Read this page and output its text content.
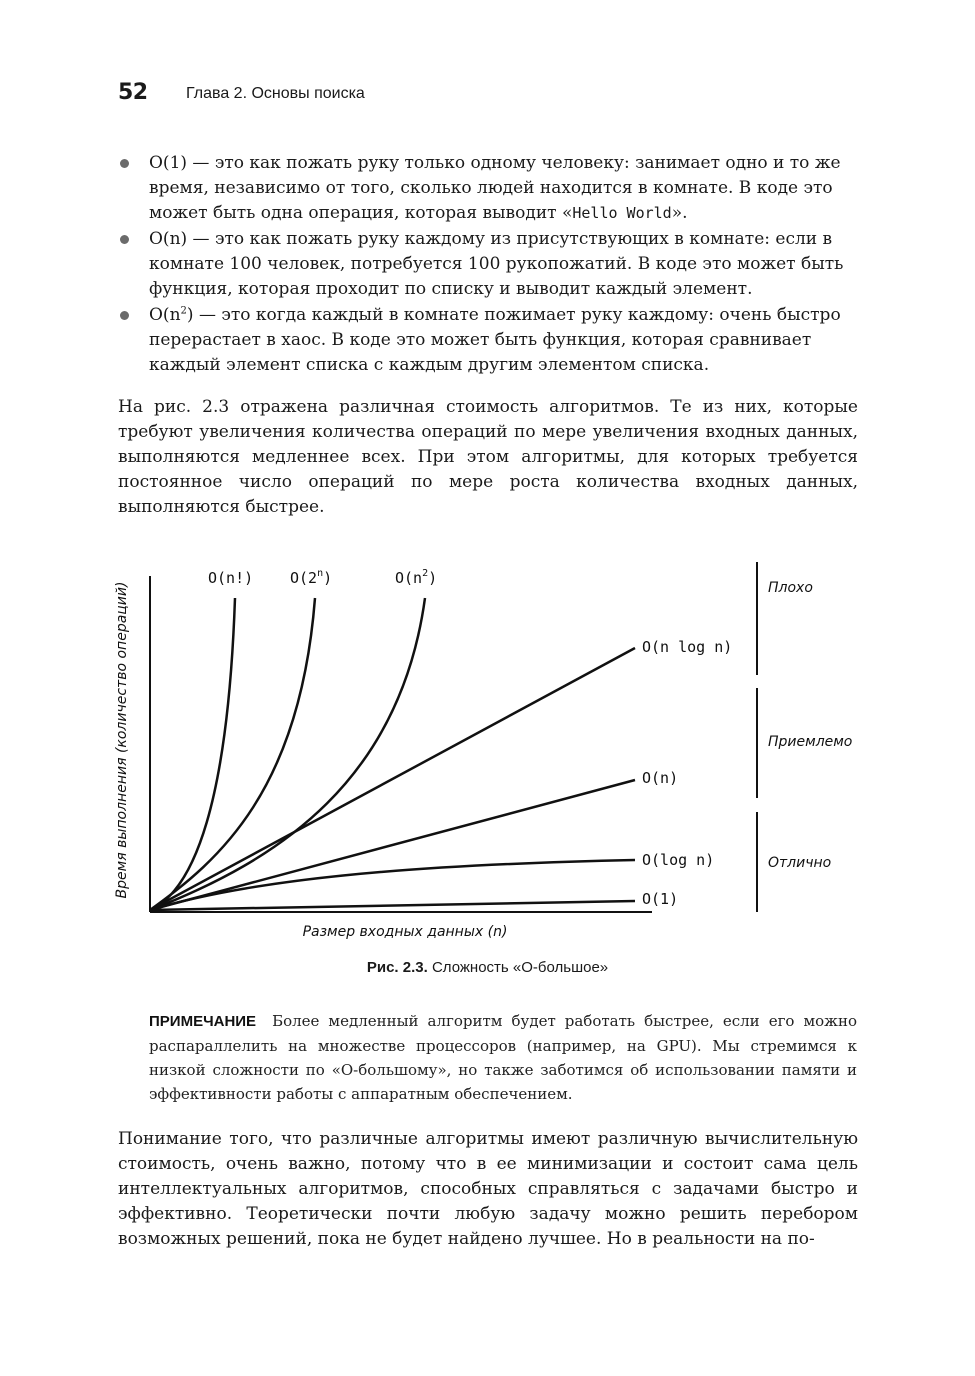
52 Глава 2. Основы поиска
O(1) — это как пожать руку только одному человеку: занимает одно и то же время, независимо от того, сколько людей находится в комнате. В коде это может быть одна операция, которая выводит «Hello World».
O(n) — это как пожать руку каждому из присутствующих в комнате: если в комнате 100 человек, потребуется 100 рукопожатий. В коде это может быть функция, которая проходит по списку и выводит каждый элемент.
$O(n^2)$ — это когда каждый в комнате пожимает руку каждому: очень быстро перерастает в хаос. В коде это может быть функция, которая сравнивает каждый элемент списка с каждым другим элементом списка.

На рис. 2.3 отражена различная стоимость алгоритмов. Те из них, которые требуют увеличения количества операций по мере увеличения входных данных, выполняются медленнее всех. При этом алгоритмы, для которых требуется постоянное число операций по мере роста количества входных данных, выполняются быстрее.

Время выполнения (количество операций)
Размер входных данных (n)
O(n!) O(2$^n$)	$O(n^2)$
O(n log n)
O(n)
O(log n)
O(1)
Плохо
Приемлемо
Отлично
Рис. 2.3. Сложность «О-большое»
ПРИМЕЧАНИЕ Более медленный алгоритм будет работать быстрее, если его можно распараллелить на множестве процессоров (например, на GPU). Мы стремимся к низкой сложности по «О-большому», но также заботимся об использовании памяти и эффективности работы с аппаратным обеспечением.

Понимание того, что различные алгоритмы имеют различную вычислительную стоимость, очень важно, потому что в ее минимизации и состоит сама цель интеллектуальных алгоритмов, способных справляться с задачами быстро и эффективно. Теоретически почти любую задачу можно решить перебором возможных решений, пока не будет найдено лучшее. Но в реальности на по-
